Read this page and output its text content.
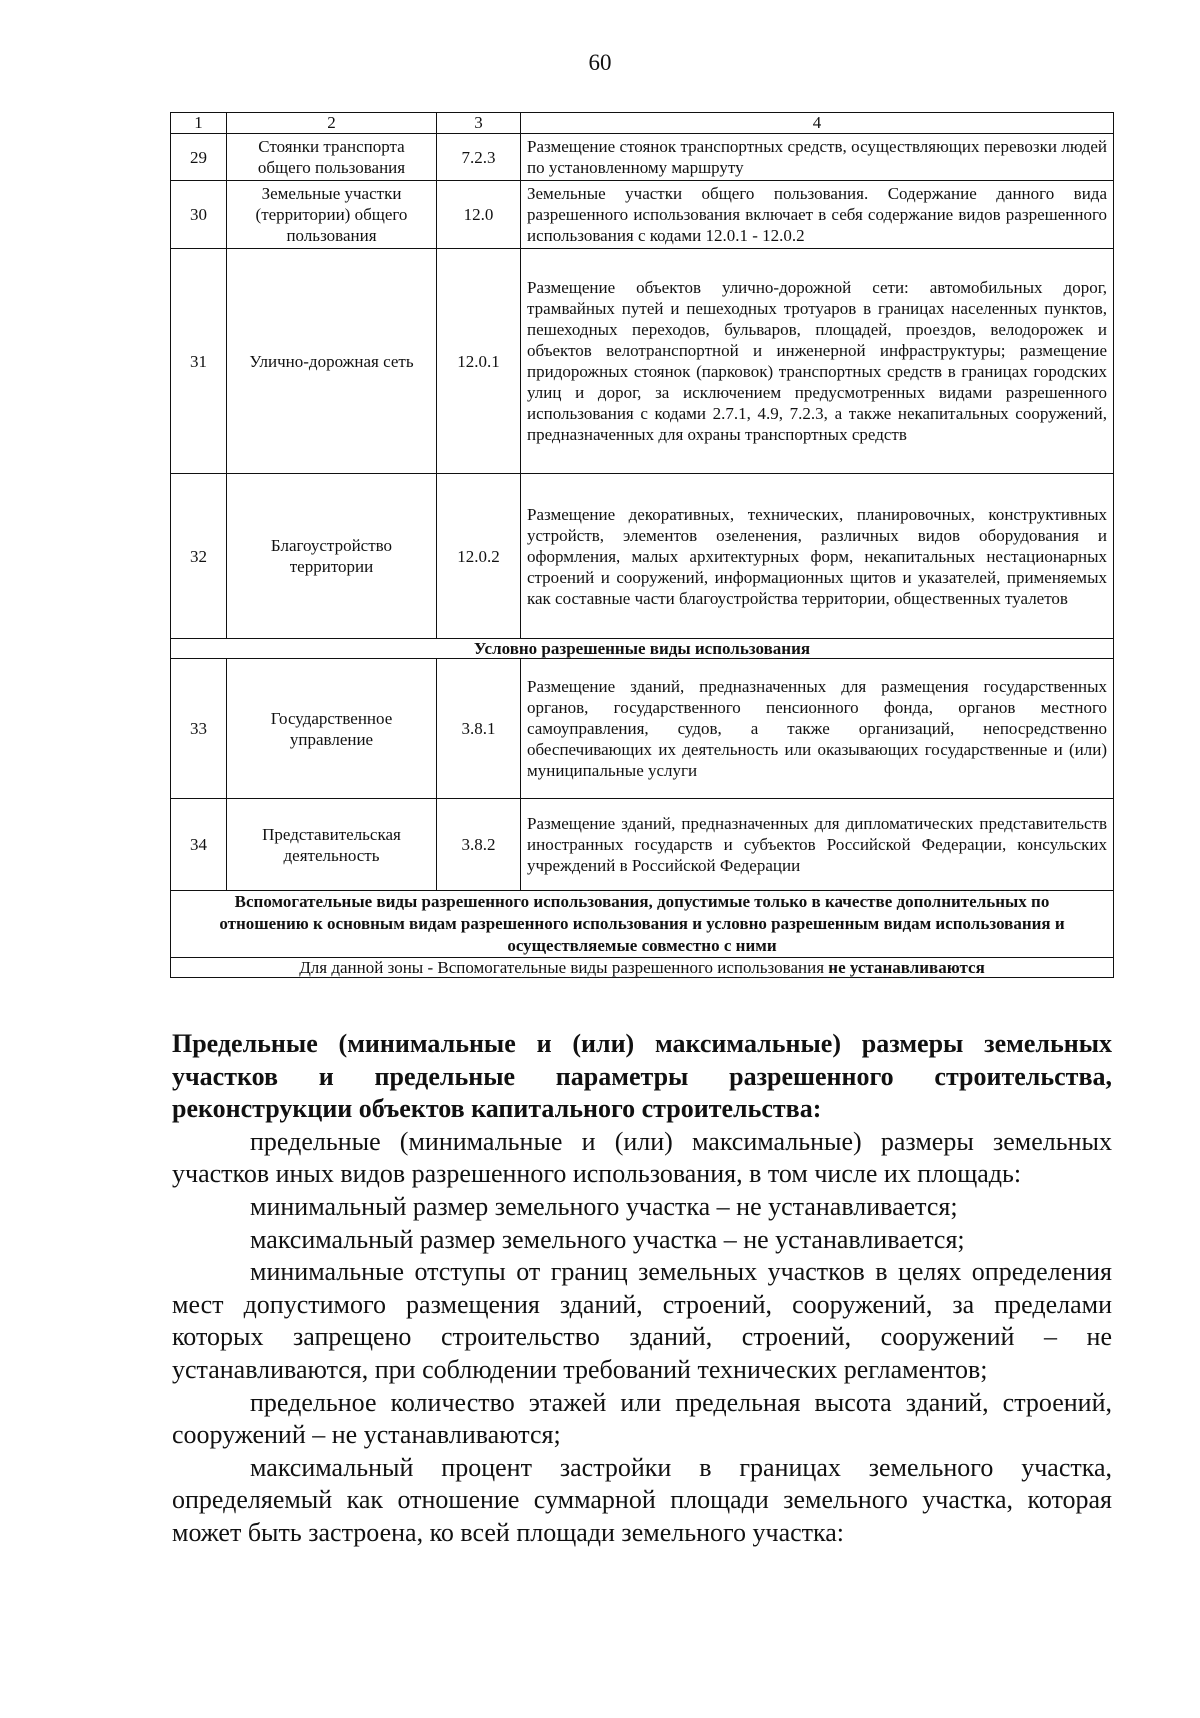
60
1	2	3	4
29	Стоянки транспорта общего пользования	7.2.3	Размещение стоянок транспортных средств, осуществляющих перевозки людей по установленному маршруту
30	Земельные участки (территории) общего пользования	12.0	Земельные участки общего пользования. Содержание данного вида разрешенного использования включает в себя содержание видов разрешенного использования с кодами 12.0.1 - 12.0.2
31	Улично-дорожная сеть	12.0.1	Размещение объектов улично-дорожной сети: автомобильных дорог, трамвайных путей и пешеходных тротуаров в границах населенных пунктов, пешеходных переходов, бульваров, площадей, проездов, велодорожек и объектов велотранспортной и инженерной инфраструктуры; размещение придорожных стоянок (парковок) транспортных средств в границах городских улиц и дорог, за исключением предусмотренных видами разрешенного использования с кодами 2.7.1, 4.9, 7.2.3, а также некапитальных сооружений, предназначенных для охраны транспортных средств
32	Благоустройство территории	12.0.2	Размещение декоративных, технических, планировочных, конструктивных устройств, элементов озеленения, различных видов оборудования и оформления, малых архитектурных форм, некапитальных нестационарных строений и сооружений, информационных щитов и указателей, применяемых как составные части благоустройства территории, общественных туалетов
Условно разрешенные виды использования			
33	Государственное управление	3.8.1	Размещение зданий, предназначенных для размещения государственных органов, государственного пенсионного фонда, органов местного самоуправления, судов, а также организаций, непосредственно обеспечивающих их деятельность или оказывающих государственные и (или) муниципальные услуги
34	Представительская деятельность	3.8.2	Размещение зданий, предназначенных для дипломатических представительств иностранных государств и субъектов Российской Федерации, консульских учреждений в Российской Федерации
Вспомогательные виды разрешенного использования, допустимые только в качестве дополнительных по отношению к основным видам разрешенного использования и условно разрешенным видам использования и осуществляемые совместно с ними			
Для данной зоны - Вспомогательные виды разрешенного использования не устанавливаются			

Предельные (минимальные и (или) максимальные) размеры земельных участков и предельные параметры разрешенного строительства, реконструкции объектов капитального строительства:

предельные (минимальные и (или) максимальные) размеры земельных участков иных видов разрешенного использования, в том числе их площадь:

минимальный размер земельного участка – не устанавливается;

максимальный размер земельного участка – не устанавливается;

минимальные отступы от границ земельных участков в целях определения мест допустимого размещения зданий, строений, сооружений, за пределами которых запрещено строительство зданий, строений, сооружений – не устанавливаются, при соблюдении требований технических регламентов;

предельное количество этажей или предельная высота зданий, строений, сооружений – не устанавливаются;

максимальный процент застройки в границах земельного участка, определяемый как отношение суммарной площади земельного участка, которая может быть застроена, ко всей площади земельного участка:
